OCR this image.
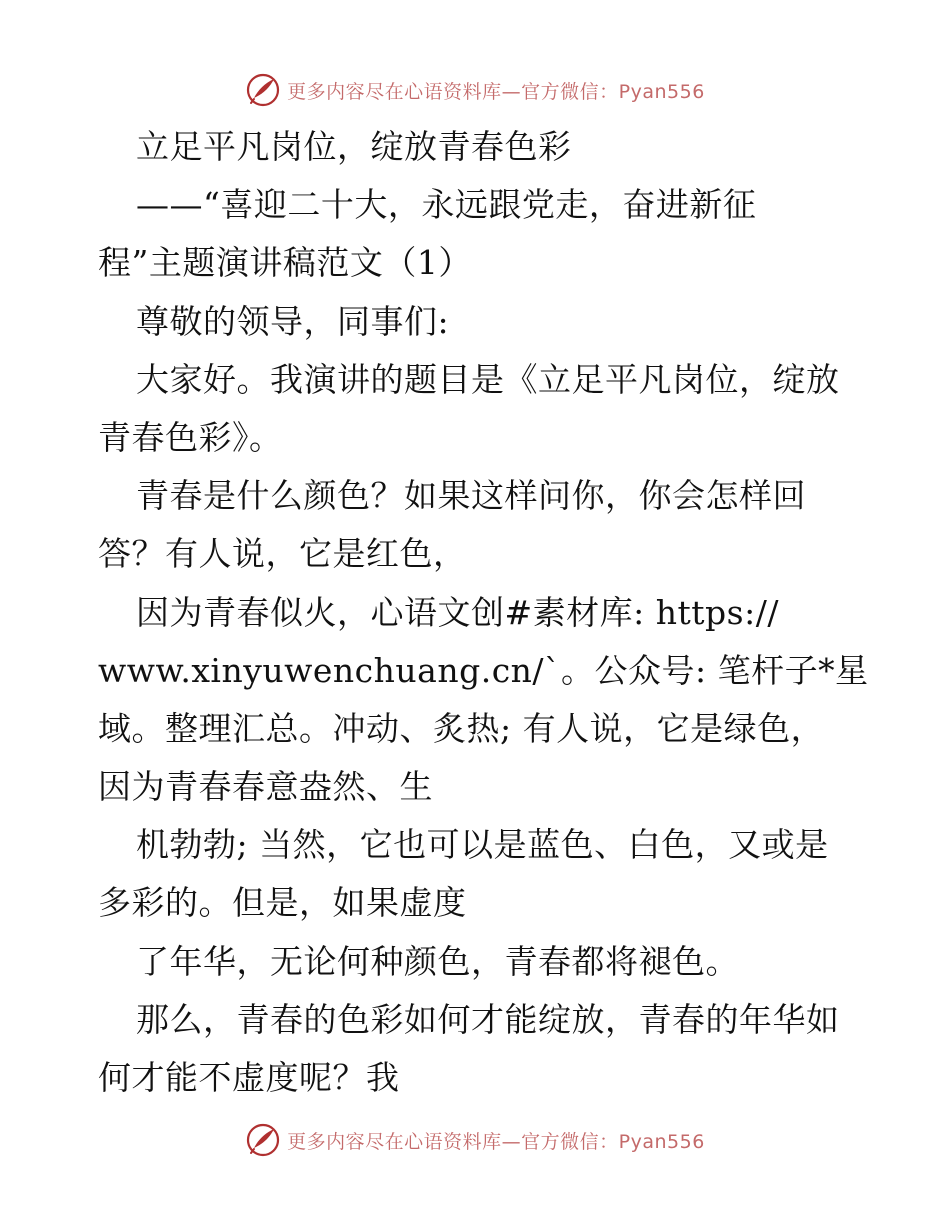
更多内容尽在心语资料库—官方微信：Pyan556
立足平凡岗位，绽放青春色彩
——“喜迎二十大，永远跟党走，奋进新征
程”主题演讲稿范文（1）
尊敬的领导，同事们:
大家好。我演讲的题目是《立足平凡岗位，绽放
青春色彩》。
青春是什么颜色？如果这样问你，你会怎样回
答？有人说，它是红色，
因为青春似火，心语文创#素材库: https://
www.xinyuwenchuang.cn/`。公众号: 笔杆子*星
域。整理汇总。冲动、炙热; 有人说，它是绿色，
因为青春春意盎然、生
机勃勃; 当然，它也可以是蓝色、白色，又或是
多彩的。但是，如果虚度
了年华，无论何种颜色，青春都将褪色。
那么，青春的色彩如何才能绽放，青春的年华如
何才能不虚度呢？我
更多内容尽在心语资料库—官方微信：Pyan556
